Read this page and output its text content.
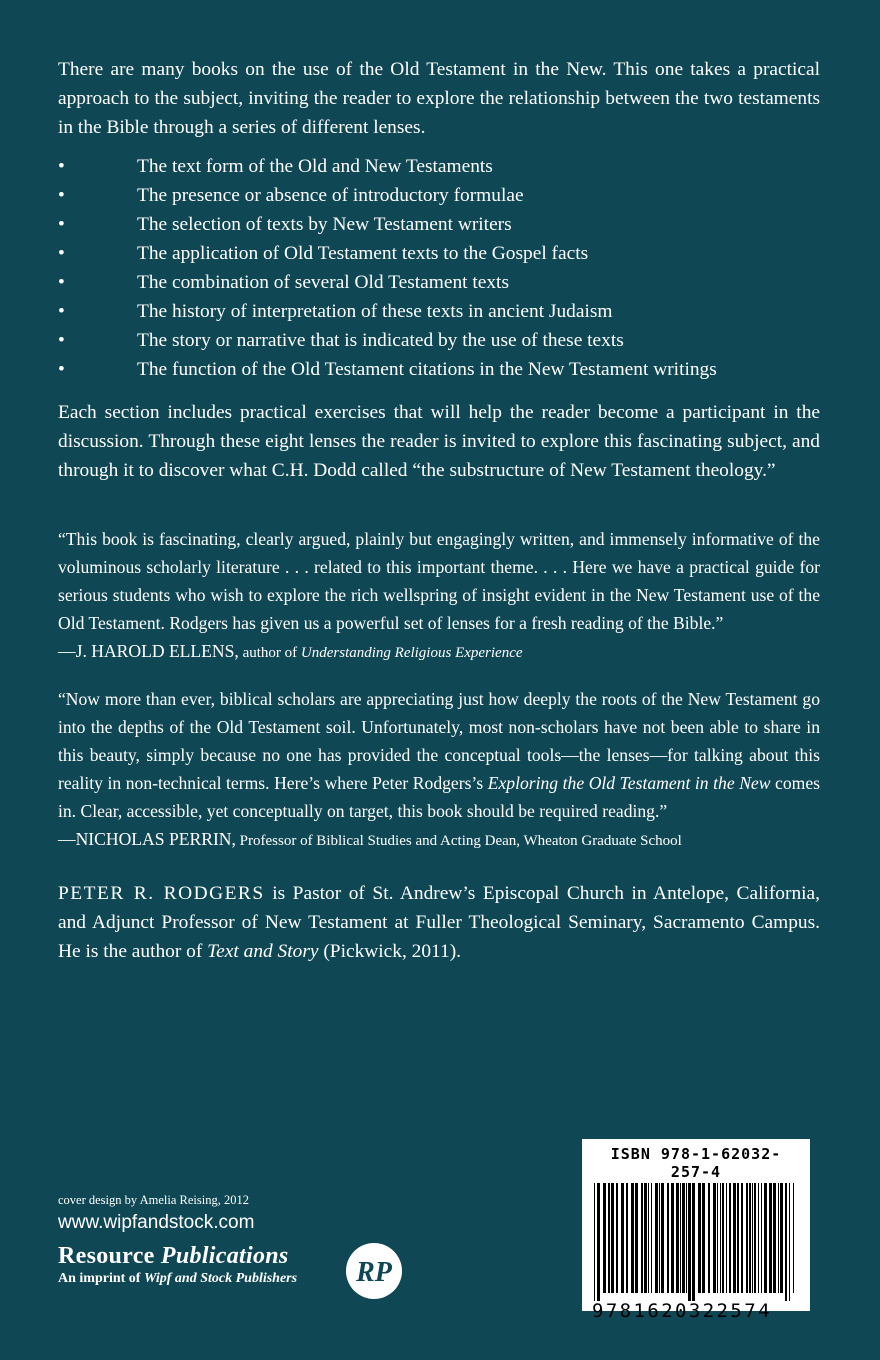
There are many books on the use of the Old Testament in the New. This one takes a practical approach to the subject, inviting the reader to explore the relationship between the two testaments in the Bible through a series of different lenses.

•	The text form of the Old and New Testaments
•	The presence or absence of introductory formulae
•	The selection of texts by New Testament writers
•	The application of Old Testament texts to the Gospel facts
•	The combination of several Old Testament texts
•	The history of interpretation of these texts in ancient Judaism
•	The story or narrative that is indicated by the use of these texts
•	The function of the Old Testament citations in the New Testament writings

Each section includes practical exercises that will help the reader become a participant in the discussion. Through these eight lenses the reader is invited to explore this fascinating subject, and through it to discover what C.H. Dodd called “the substructure of New Testament theology.”

“This book is fascinating, clearly argued, plainly but engagingly written, and immensely informative of the voluminous scholarly literature . . . related to this important theme. . . . Here we have a practical guide for serious students who wish to explore the rich wellspring of insight evident in the New Testament use of the Old Testament. Rodgers has given us a powerful set of lenses for a fresh reading of the Bible.”

—J. HAROLD ELLENS, author of Understanding Religious Experience

“Now more than ever, biblical scholars are appreciating just how deeply the roots of the New Testament go into the depths of the Old Testament soil. Unfortunately, most non-scholars have not been able to share in this beauty, simply because no one has provided the conceptual tools—the lenses—for talking about this reality in non-technical terms. Here’s where Peter Rodgers’s Exploring the Old Testament in the New comes in. Clear, accessible, yet conceptually on target, this book should be required reading.”

—NICHOLAS PERRIN, Professor of Biblical Studies and Acting Dean, Wheaton Graduate School

PETER R. RODGERS is Pastor of St. Andrew’s Episcopal Church in Antelope, California, and Adjunct Professor of New Testament at Fuller Theological Seminary, Sacramento Campus. He is the author of Text and Story (Pickwick, 2011).

cover design by Amelia Reising, 2012
www.wipfandstock.com
Resource Publications
An imprint of Wipf and Stock Publishers	RP
ISBN 978-1-62032-257-4
9781620322574
